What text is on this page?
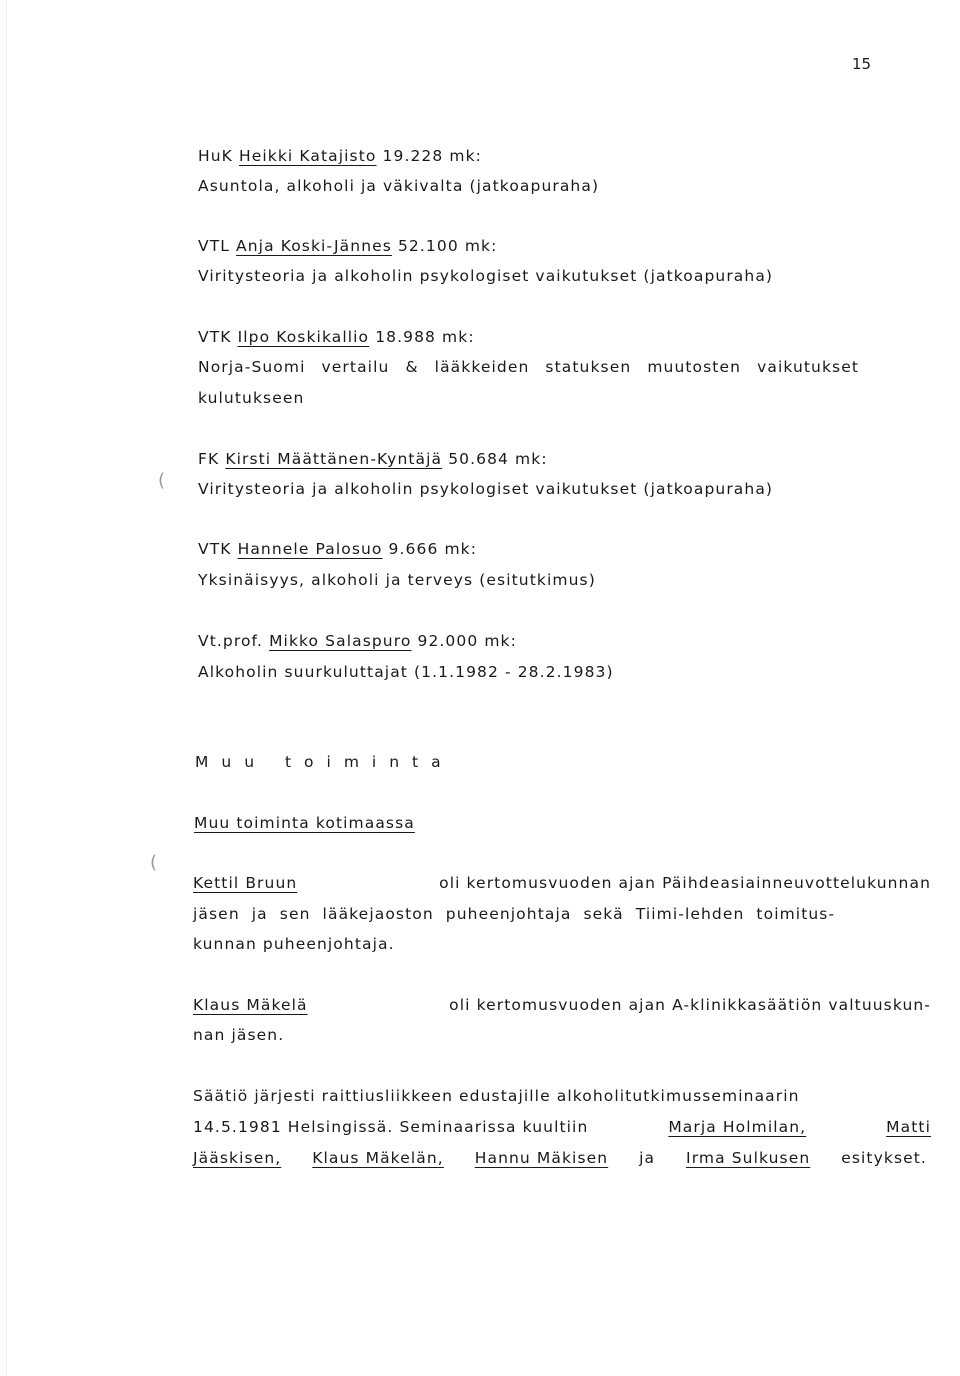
(
(
15
HuK Heikki Katajisto 19.228 mk:
Asuntola, alkoholi ja väkivalta (jatkoapuraha)
VTL Anja Koski-Jännes 52.100 mk:
Viritysteoria ja alkoholin psykologiset vaikutukset (jatkoapuraha)
VTK Ilpo Koskikallio 18.988 mk:
Norja-Suomi vertailu & lääkkeiden statuksen muutosten vaikutukset
kulutukseen
FK Kirsti Määttänen-Kyntäjä 50.684 mk:
Viritysteoria ja alkoholin psykologiset vaikutukset (jatkoapuraha)
VTK Hannele Palosuo 9.666 mk:
Yksinäisyys, alkoholi ja terveys (esitutkimus)
Vt.prof. Mikko Salaspuro 92.000 mk:
Alkoholin suurkuluttajat (1.1.1982 - 28.2.1983)
Muu toiminta
Muu toiminta kotimaassa
Kettil Bruun	oli kertomusvuoden ajan Päihdeasiainneuvottelukunnan
jäsen ja sen lääkejaoston puheenjohtaja sekä Tiimi-lehden toimitus-
kunnan puheenjohtaja.
Klaus Mäkelä	oli kertomusvuoden ajan A-klinikkasäätiön valtuuskun-
nan jäsen.
Säätiö järjesti raittiusliikkeen edustajille alkoholitutkimusseminaarin
14.5.1981 Helsingissä. Seminaarissa kuultiin	Marja Holmilan,	Matti
Jääskisen, Klaus Mäkelän, Hannu Mäkisen ja Irma Sulkusen esitykset.
